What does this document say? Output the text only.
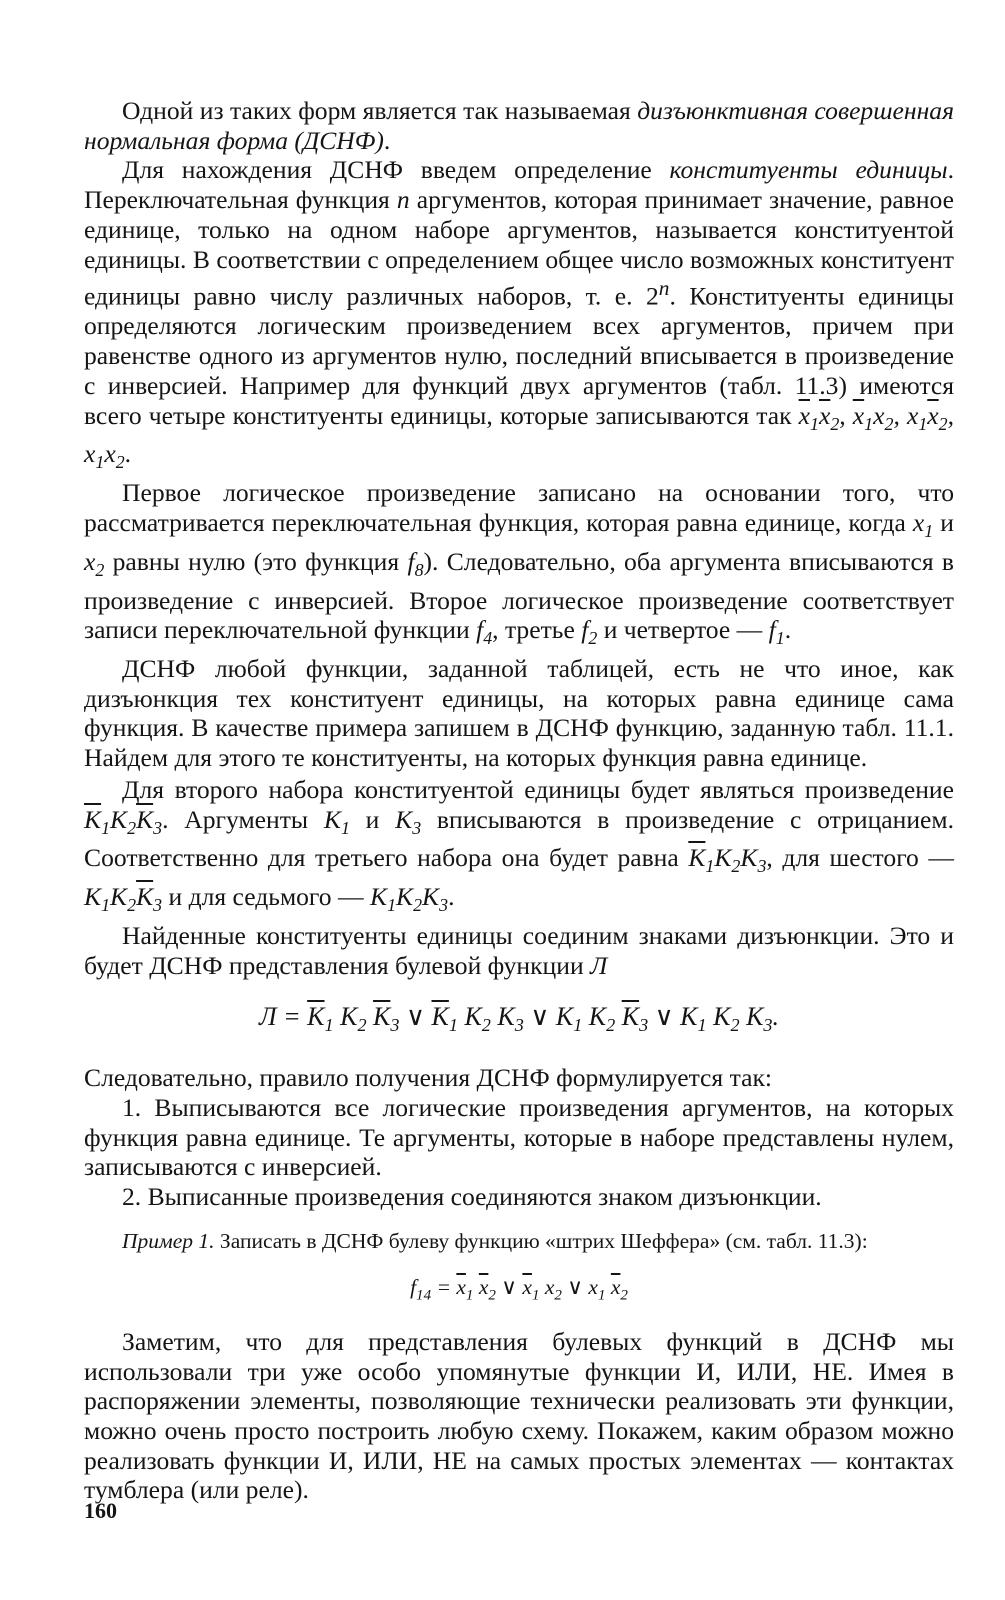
Одной из таких форм является так называемая дизъюнктивная совершенная нормальная форма (ДСНФ).

Для нахождения ДСНФ введем определение конституенты единицы. Переключательная функция n аргументов, которая принимает значение, равное единице, только на одном наборе аргументов, называется конституентой единицы. В соответствии с определением общее число возможных конституент единицы равно числу различных наборов, т. е. 2$^n$. Конституенты единицы определяются логическим произведением всех аргументов, причем при равенстве одного из аргументов нулю, последний вписывается в произведение с инверсией. Например для функций двух аргументов (табл. 11.3) имеются всего четыре конституенты единицы, которые записываются так $\overline{x}_1\overline{x}_2$, $\overline{x}_1x_2$, $x_1\overline{x}_2$, $x_1x_2$.

Первое логическое произведение записано на основании того, что рассматривается переключательная функция, которая равна единице, когда $x_1$ и $x_2$ равны нулю (это функция $f_8$). Следовательно, оба аргумента вписываются в произведение с инверсией. Второе логическое произведение соответствует записи переключательной функции $f_4$, третье $f_2$ и четвертое — $f_1$.

ДСНФ любой функции, заданной таблицей, есть не что иное, как дизъюнкция тех конституент единицы, на которых равна единице сама функция. В качестве примера запишем в ДСНФ функцию, заданную табл. 11.1. Найдем для этого те конституенты, на которых функция равна единице.

Для второго набора конституентой единицы будет являться произведение $\overline{K}_1K_2\overline{K}_3$. Аргументы $K_1$ и $K_3$ вписываются в произведение с отрицанием. Соответственно для третьего набора она будет равна $\overline{K}_1K_2K_3$, для шестого — $K_1K_2\overline{K}_3$ и для седьмого — $K_1K_2K_3$.

Найденные конституенты единицы соединим знаками дизъюнкции. Это и будет ДСНФ представления булевой функции Л

$Л = \overline{K}_1$ $K_2$ $\overline{K}_3$ ∨ $\overline{K}_1$ $K_2$ $K_3$ ∨ $K_1$ $K_2$ $\overline{K}_3$ ∨ $K_1$ $K_2$ $K_3$.

Следовательно, правило получения ДСНФ формулируется так:

1. Выписываются все логические произведения аргументов, на которых функция равна единице. Те аргументы, которые в наборе представлены нулем, записываются с инверсией.

2. Выписанные произведения соединяются знаком дизъюнкции.

Пример 1. Записать в ДСНФ булеву функцию «штрих Шеффера» (см. табл. 11.3):

$f_{14} = \overline{x}_1$ $\overline{x}_2$ ∨ $\overline{x}_1$ $x_2$ ∨ $x_1$ $\overline{x}_2$

Заметим, что для представления булевых функций в ДСНФ мы использовали три уже особо упомянутые функции И, ИЛИ, НЕ. Имея в распоряжении элементы, позволяющие технически реализовать эти функции, можно очень просто построить любую схему. Покажем, каким образом можно реализовать функции И, ИЛИ, НЕ на самых простых элементах — контактах тумблера (или реле).

160
